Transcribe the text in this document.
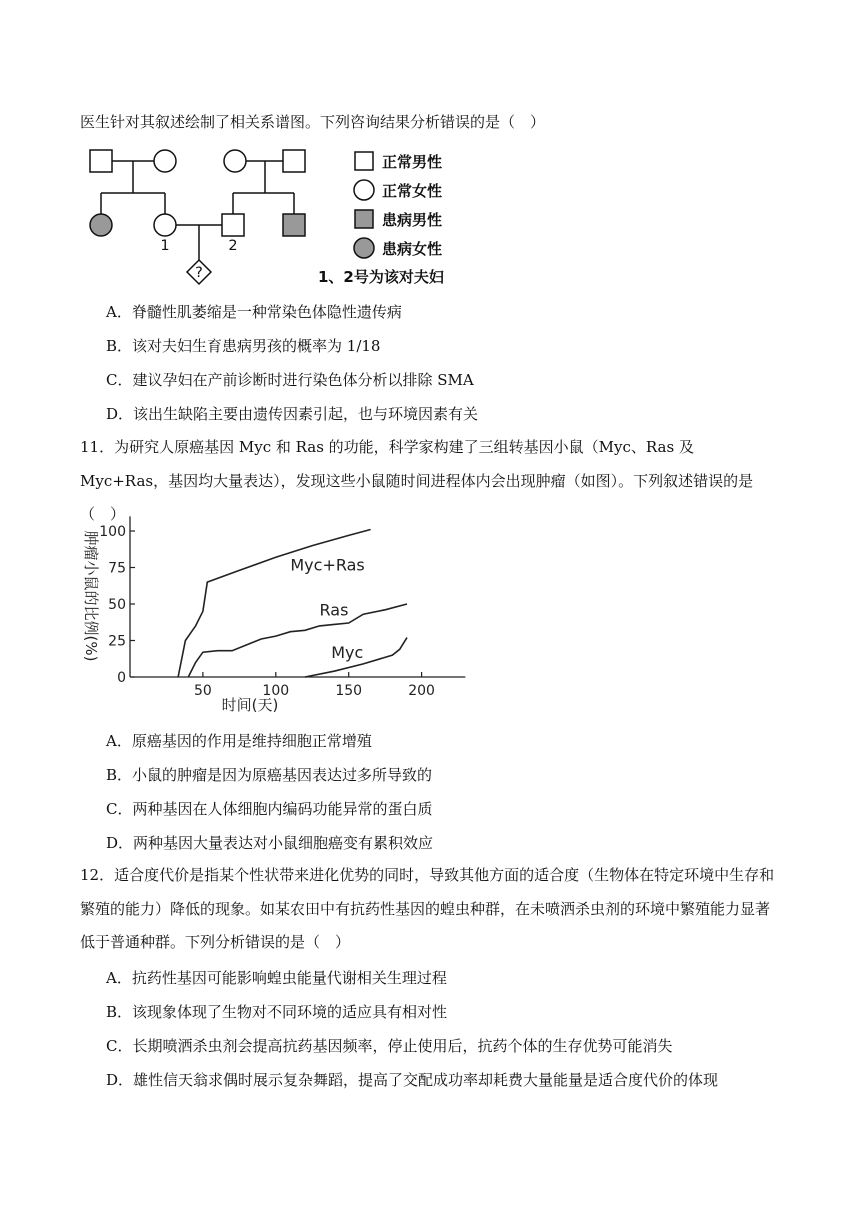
医生针对其叙述绘制了相关系谱图。下列咨询结果分析错误的是（　）
?
1	2
正常男性
正常女性
患病男性
患病女性
1、2号为该对夫妇
A．脊髓性肌萎缩是一种常染色体隐性遗传病
B．该对夫妇生育患病男孩的概率为 1/18
C．建议孕妇在产前诊断时进行染色体分析以排除 SMA
D．该出生缺陷主要由遗传因素引起，也与环境因素有关
11．为研究人原癌基因 Myc 和 Ras 的功能，科学家构建了三组转基因小鼠（Myc、Ras 及 Myc+Ras，基因均大量表达），发现这些小鼠随时间进程体内会出现肿瘤（如图）。下列叙述错误的是（　）
0
25
50
75
100
50	100	150	200
Myc+Ras
Ras
Myc
时间(天)
肿瘤小鼠的比例(%)
A．原癌基因的作用是维持细胞正常增殖
B．小鼠的肿瘤是因为原癌基因表达过多所导致的
C．两种基因在人体细胞内编码功能异常的蛋白质
D．两种基因大量表达对小鼠细胞癌变有累积效应
12．适合度代价是指某个性状带来进化优势的同时，导致其他方面的适合度（生物体在特定环境中生存和繁殖的能力）降低的现象。如某农田中有抗药性基因的蝗虫种群，在未喷洒杀虫剂的环境中繁殖能力显著低于普通种群。下列分析错误的是（　）
A．抗药性基因可能影响蝗虫能量代谢相关生理过程
B．该现象体现了生物对不同环境的适应具有相对性
C．长期喷洒杀虫剂会提高抗药基因频率，停止使用后，抗药个体的生存优势可能消失
D．雄性信天翁求偶时展示复杂舞蹈，提高了交配成功率却耗费大量能量是适合度代价的体现
